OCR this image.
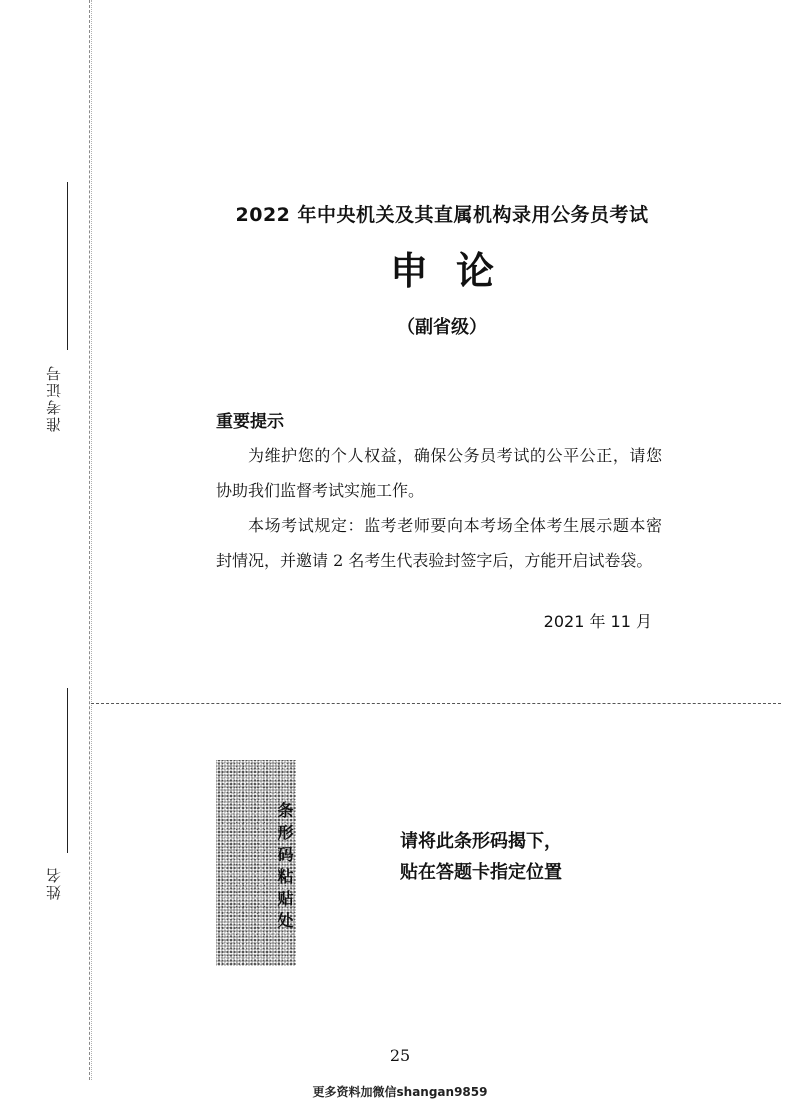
准考证号
姓名
2022 年中央机关及其直属机构录用公务员考试
申论
（副省级）
重要提示
为维护您的个人权益，确保公务员考试的公平公正，请您协助我们监督考试实施工作。
本场考试规定：监考老师要向本考场全体考生展示题本密封情况，并邀请 2 名考生代表验封签字后，方能开启试卷袋。
2021 年 11 月
条形码粘贴处	请将此条形码揭下，
贴在答题卡指定位置
25
更多资料加微信shangan9859
